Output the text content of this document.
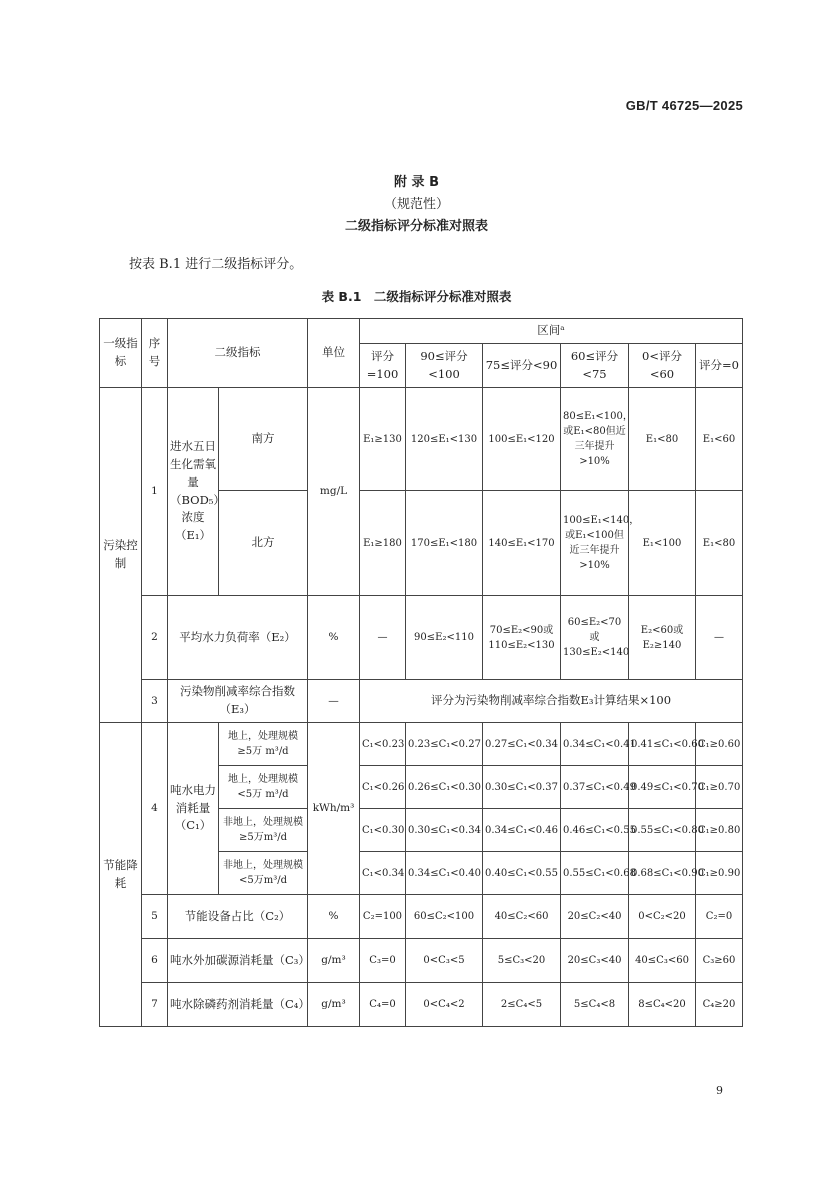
GB/T 46725—2025
附 录 B
（规范性）
二级指标评分标准对照表
按表 B.1 进行二级指标评分。
表 B.1　二级指标评分标准对照表
一级指标	序号	二级指标		单位	区间ᵃ					
					评分=100	90≤评分<100	75≤评分<90	60≤评分<75	0<评分<60	评分=0
污染控制	1	进水五日生化需氧量（BOD₅）浓度（E₁）	南方	mg/L	E₁≥130	120≤E₁<130	100≤E₁<120	80≤E₁<100，或E₁<80但近三年提升>10%	E₁<80	E₁<60
			北方		E₁≥180	170≤E₁<180	140≤E₁<170	100≤E₁<140，或E₁<100但近三年提升>10%	E₁<100	E₁<80
	2	平均水力负荷率（E₂）		%	—	90≤E₂<110	70≤E₂<90或110≤E₂<130	60≤E₂<70或130≤E₂<140	E₂<60或E₂≥140	—
	3	污染物削减率综合指数（E₃）		—	评分为污染物削减率综合指数E₃计算结果×100					
节能降耗	4	吨水电力消耗量（C₁）	地上，处理规模≥5万 m³/d	kWh/m³	C₁<0.23	0.23≤C₁<0.27	0.27≤C₁<0.34	0.34≤C₁<0.41	0.41≤C₁<0.60	C₁≥0.60
			地上，处理规模<5万 m³/d		C₁<0.26	0.26≤C₁<0.30	0.30≤C₁<0.37	0.37≤C₁<0.49	0.49≤C₁<0.70	C₁≥0.70
			非地上，处理规模≥5万m³/d		C₁<0.30	0.30≤C₁<0.34	0.34≤C₁<0.46	0.46≤C₁<0.55	0.55≤C₁<0.80	C₁≥0.80
			非地上，处理规模<5万m³/d		C₁<0.34	0.34≤C₁<0.40	0.40≤C₁<0.55	0.55≤C₁<0.68	0.68≤C₁<0.90	C₁≥0.90
	5	节能设备占比（C₂）		%	C₂=100	60≤C₂<100	40≤C₂<60	20≤C₂<40	0<C₂<20	C₂=0
	6	吨水外加碳源消耗量（C₃）		g/m³	C₃=0	0<C₃<5	5≤C₃<20	20≤C₃<40	40≤C₃<60	C₃≥60
	7	吨水除磷药剂消耗量（C₄）		g/m³	C₄=0	0<C₄<2	2≤C₄<5	5≤C₄<8	8≤C₄<20	C₄≥20
9
